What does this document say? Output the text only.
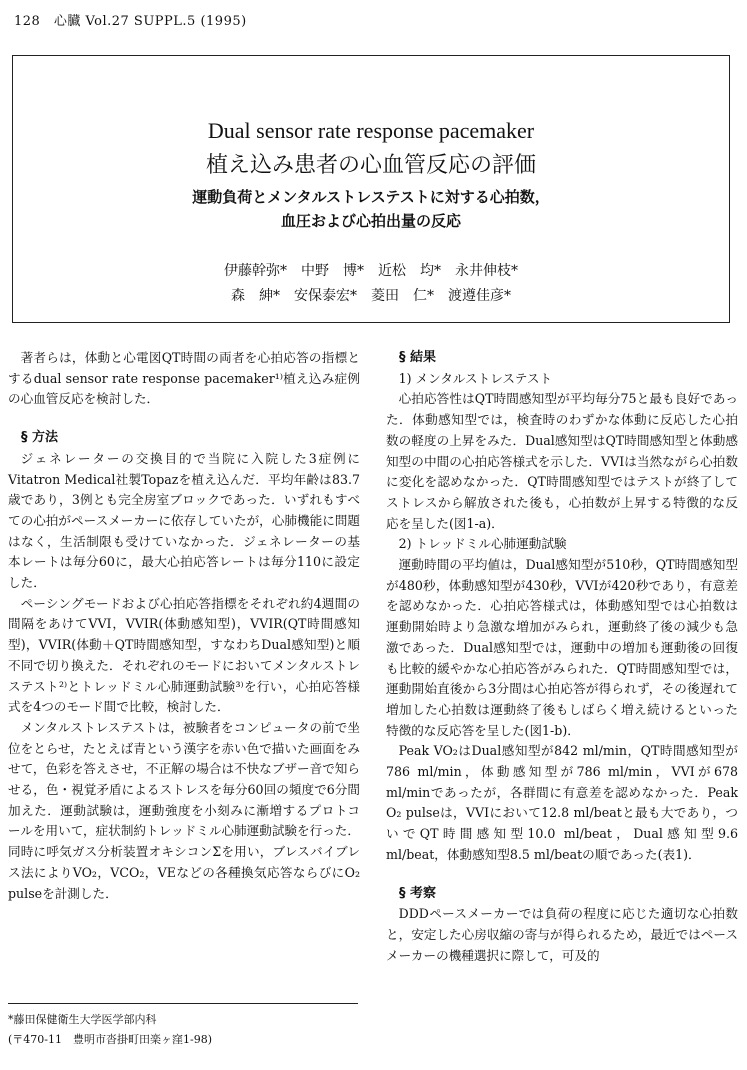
128　心臓 Vol.27 SUPPL.5 (1995)
Dual sensor rate response pacemaker
植え込み患者の心血管反応の評価
運動負荷とメンタルストレステストに対する心拍数，
血圧および心拍出量の反応
伊藤幹弥*　中野　博*　近松　均*　永井伸枝*
森　紳*　安保泰宏*　菱田　仁*　渡遵佳彦*

著者らは，体動と心電図QT時間の両者を心拍応答の指標とするdual sensor rate response pacemaker¹⁾植え込み症例の心血管反応を検討した．

§ 方法

ジェネレーターの交換目的で当院に入院した3症例にVitatron Medical社製Topazを植え込んだ．平均年齢は83.7歳であり，3例とも完全房室ブロックであった．いずれもすべての心拍がペースメーカーに依存していたが，心肺機能に問題はなく，生活制限も受けていなかった．ジェネレーターの基本レートは毎分60に，最大心拍応答レートは毎分110に設定した．

ペーシングモードおよび心拍応答指標をそれぞれ約4週間の間隔をあけてVVI，VVIR(体動感知型)，VVIR(QT時間感知型)，VVIR(体動＋QT時間感知型，すなわちDual感知型)と順不同で切り換えた．それぞれのモードにおいてメンタルストレステスト²⁾とトレッドミル心肺運動試験³⁾を行い，心拍応答様式を4つのモード間で比較，検討した．

メンタルストレステストは，被験者をコンピュータの前で坐位をとらせ，たとえば青という漢字を赤い色で描いた画面をみせて，色彩を答えさせ，不正解の場合は不快なブザー音で知らせる，色・視覚矛盾によるストレスを毎分60回の頻度で6分間加えた．運動試験は，運動強度を小刻みに漸増するプロトコールを用いて，症状制約トレッドミル心肺運動試験を行った．同時に呼気ガス分析装置オキシコンΣを用い，ブレスバイブレス法によりVO₂，VCO₂，VEなどの各種換気応答ならびにO₂ pulseを計測した．

§ 結果

1) メンタルストレステスト

心拍応答性はQT時間感知型が平均毎分75と最も良好であった．体動感知型では，検査時のわずかな体動に反応した心拍数の軽度の上昇をみた．Dual感知型はQT時間感知型と体動感知型の中間の心拍応答様式を示した．VVIは当然ながら心拍数に変化を認めなかった．QT時間感知型ではテストが終了してストレスから解放された後も，心拍数が上昇する特徴的な反応を呈した(図1-a)．

2) トレッドミル心肺運動試験

運動時間の平均値は，Dual感知型が510秒，QT時間感知型が480秒，体動感知型が430秒，VVIが420秒であり，有意差を認めなかった．心拍応答様式は，体動感知型では心拍数は運動開始時より急激な増加がみられ，運動終了後の減少も急激であった．Dual感知型では，運動中の増加も運動後の回復も比較的緩やかな心拍応答がみられた．QT時間感知型では，運動開始直後から3分間は心拍応答が得られず，その後遅れて増加した心拍数は運動終了後もしばらく増え続けるといった特徴的な反応答を呈した(図1-b)．

Peak VO₂はDual感知型が842 ml/min，QT時間感知型が786 ml/min，体動感知型が786 ml/min，VVIが678 ml/minであったが，各群間に有意差を認めなかった．Peak O₂ pulseは，VVIにおいて12.8 ml/beatと最も大であり，ついでQT時間感知型10.0 ml/beat，Dual感知型9.6 ml/beat，体動感知型8.5 ml/beatの順であった(表1)．

§ 考察

DDDペースメーカーでは負荷の程度に応じた適切な心拍数と，安定した心房収縮の寄与が得られるため，最近ではペースメーカーの機種選択に際して，可及的

*藤田保健衛生大学医学部内科
(〒470-11　豊明市沓掛町田楽ヶ窪1-98)
